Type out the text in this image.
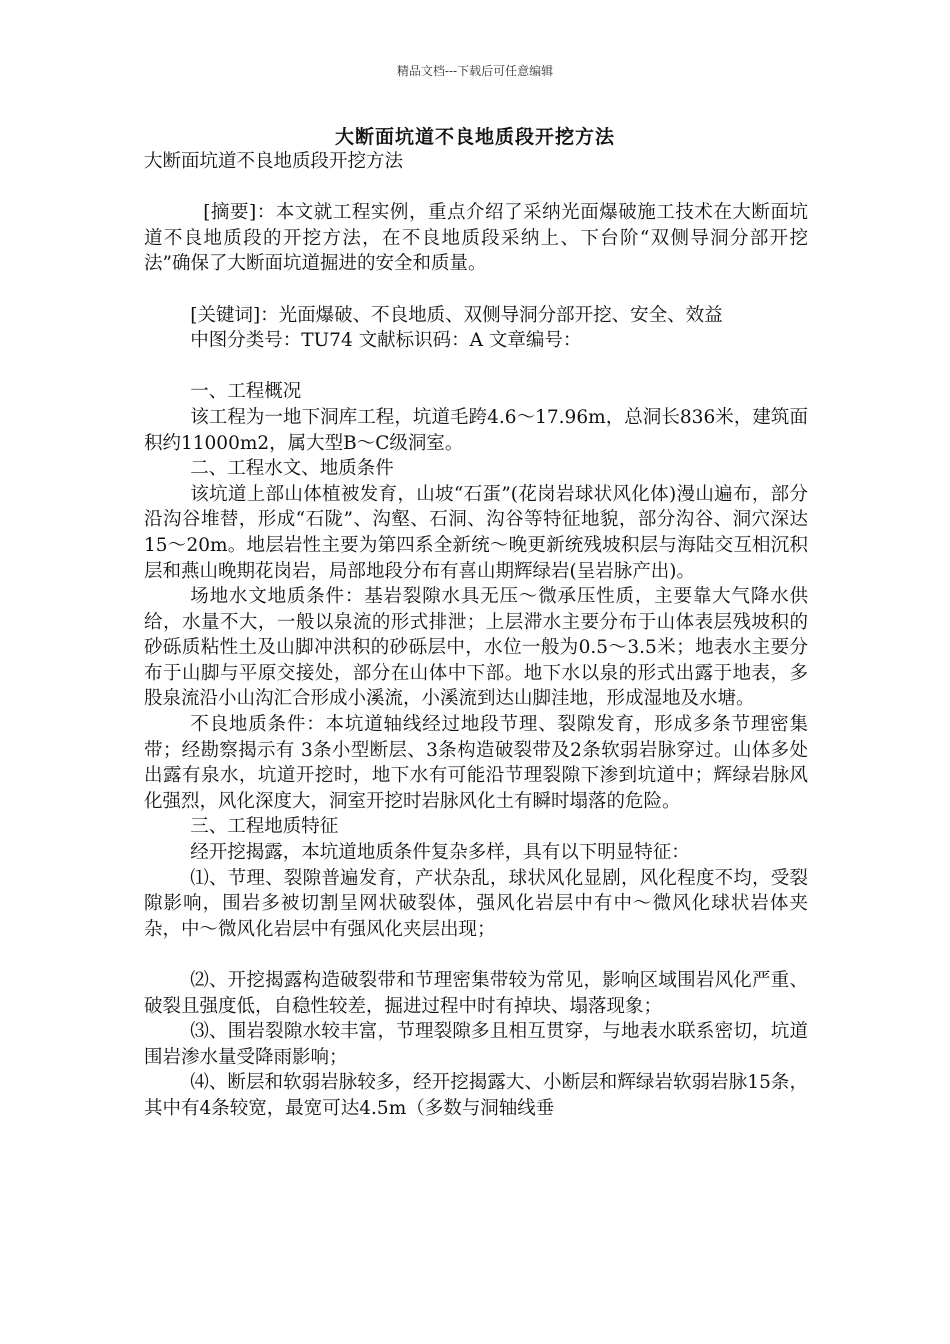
精品文档---下载后可任意编辑
大断面坑道不良地质段开挖方法

大断面坑道不良地质段开挖方法

[摘要]：本文就工程实例，重点介绍了采纳光面爆破施工技术在大断面坑道不良地质段的开挖方法，在不良地质段采纳上、下台阶“双侧导洞分部开挖法”确保了大断面坑道掘进的安全和质量。

[关键词]：光面爆破、不良地质、双侧导洞分部开挖、安全、效益

中图分类号：TU74 文献标识码：A 文章编号：

一、工程概况

该工程为一地下洞库工程，坑道毛跨4.6～17.96m，总洞长836米，建筑面积约11000m2，属大型B～C级洞室。

二、工程水文、地质条件

该坑道上部山体植被发育，山坡“石蛋”(花岗岩球状风化体)漫山遍布，部分沿沟谷堆替，形成“石陇”、沟壑、石洞、沟谷等特征地貌，部分沟谷、洞穴深达15～20m。地层岩性主要为第四系全新统～晚更新统残坡积层与海陆交互相沉积层和燕山晚期花岗岩，局部地段分布有喜山期辉绿岩(呈岩脉产出)。

场地水文地质条件：基岩裂隙水具无压～微承压性质，主要靠大气降水供给，水量不大，一般以泉流的形式排泄；上层滞水主要分布于山体表层残坡积的砂砾质粘性土及山脚冲洪积的砂砾层中，水位一般为0.5～3.5米；地表水主要分布于山脚与平原交接处，部分在山体中下部。地下水以泉的形式出露于地表，多股泉流沿小山沟汇合形成小溪流，小溪流到达山脚洼地，形成湿地及水塘。

不良地质条件：本坑道轴线经过地段节理、裂隙发育，形成多条节理密集带；经勘察揭示有 3条小型断层、3条构造破裂带及2条软弱岩脉穿过。山体多处出露有泉水，坑道开挖时，地下水有可能沿节理裂隙下渗到坑道中；辉绿岩脉风化强烈，风化深度大，洞室开挖时岩脉风化土有瞬时塌落的危险。

三、工程地质特征

经开挖揭露，本坑道地质条件复杂多样，具有以下明显特征：

⑴、节理、裂隙普遍发育，产状杂乱，球状风化显剧，风化程度不均，受裂隙影响，围岩多被切割呈网状破裂体，强风化岩层中有中～微风化球状岩体夹杂，中～微风化岩层中有强风化夹层出现；

⑵、开挖揭露构造破裂带和节理密集带较为常见，影响区域围岩风化严重、破裂且强度低，自稳性较差，掘进过程中时有掉块、塌落现象；

⑶、围岩裂隙水较丰富，节理裂隙多且相互贯穿，与地表水联系密切，坑道围岩渗水量受降雨影响；

⑷、断层和软弱岩脉较多，经开挖揭露大、小断层和辉绿岩软弱岩脉15条，其中有4条较宽，最宽可达4.5m（多数与洞轴线垂
